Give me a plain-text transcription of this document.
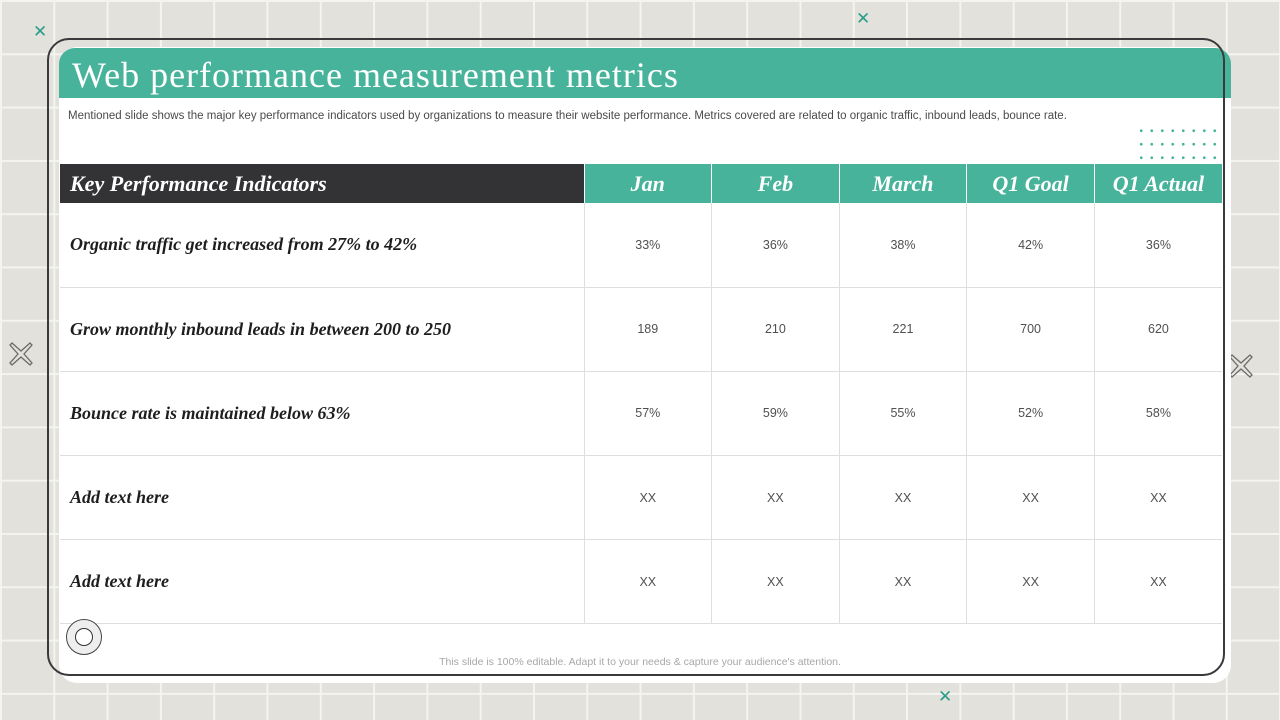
✕
✕
✕
Web performance measurement metrics
Mentioned slide shows the major key performance indicators used by organizations to measure their website performance. Metrics covered are related to organic traffic, inbound leads, bounce rate.
Key Performance Indicators	Jan	Feb	March	Q1 Goal	Q1 Actual
Organic traffic get increased from 27% to 42%	33%	36%	38%	42%	36%
Grow monthly inbound leads in between 200 to 250	189	210	221	700	620
Bounce rate is maintained below 63%	57%	59%	55%	52%	58%
Add text here	XX	XX	XX	XX	XX
Add text here	XX	XX	XX	XX	XX
This slide is 100% editable. Adapt it to your needs & capture your audience's attention.
